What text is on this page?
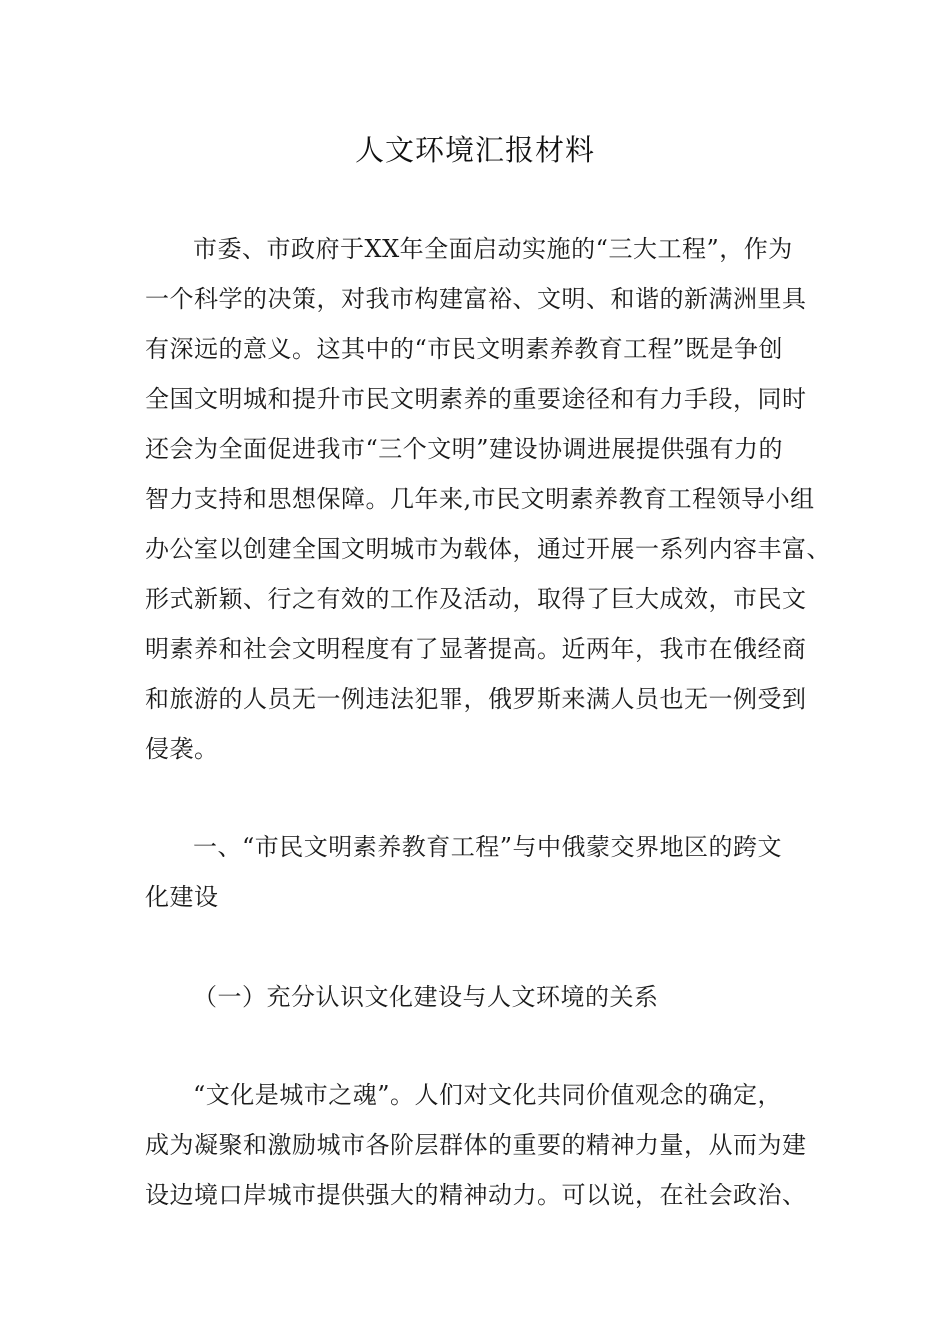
人文环境汇报材料
市委、市政府于XX年全面启动实施的“三大工程”，作为
一个科学的决策，对我市构建富裕、文明、和谐的新满洲里具
有深远的意义。这其中的“市民文明素养教育工程”既是争创
全国文明城和提升市民文明素养的重要途径和有力手段，同时
还会为全面促进我市“三个文明”建设协调进展提供强有力的
智力支持和思想保障。几年来,市民文明素养教育工程领导小组
办公室以创建全国文明城市为载体，通过开展一系列内容丰富、
形式新颖、行之有效的工作及活动，取得了巨大成效，市民文
明素养和社会文明程度有了显著提高。近两年，我市在俄经商
和旅游的人员无一例违法犯罪，俄罗斯来满人员也无一例受到
侵袭。
一、“市民文明素养教育工程”与中俄蒙交界地区的跨文
化建设
（一）充分认识文化建设与人文环境的关系
“文化是城市之魂”。人们对文化共同价值观念的确定，
成为凝聚和激励城市各阶层群体的重要的精神力量，从而为建
设边境口岸城市提供强大的精神动力。可以说，在社会政治、
